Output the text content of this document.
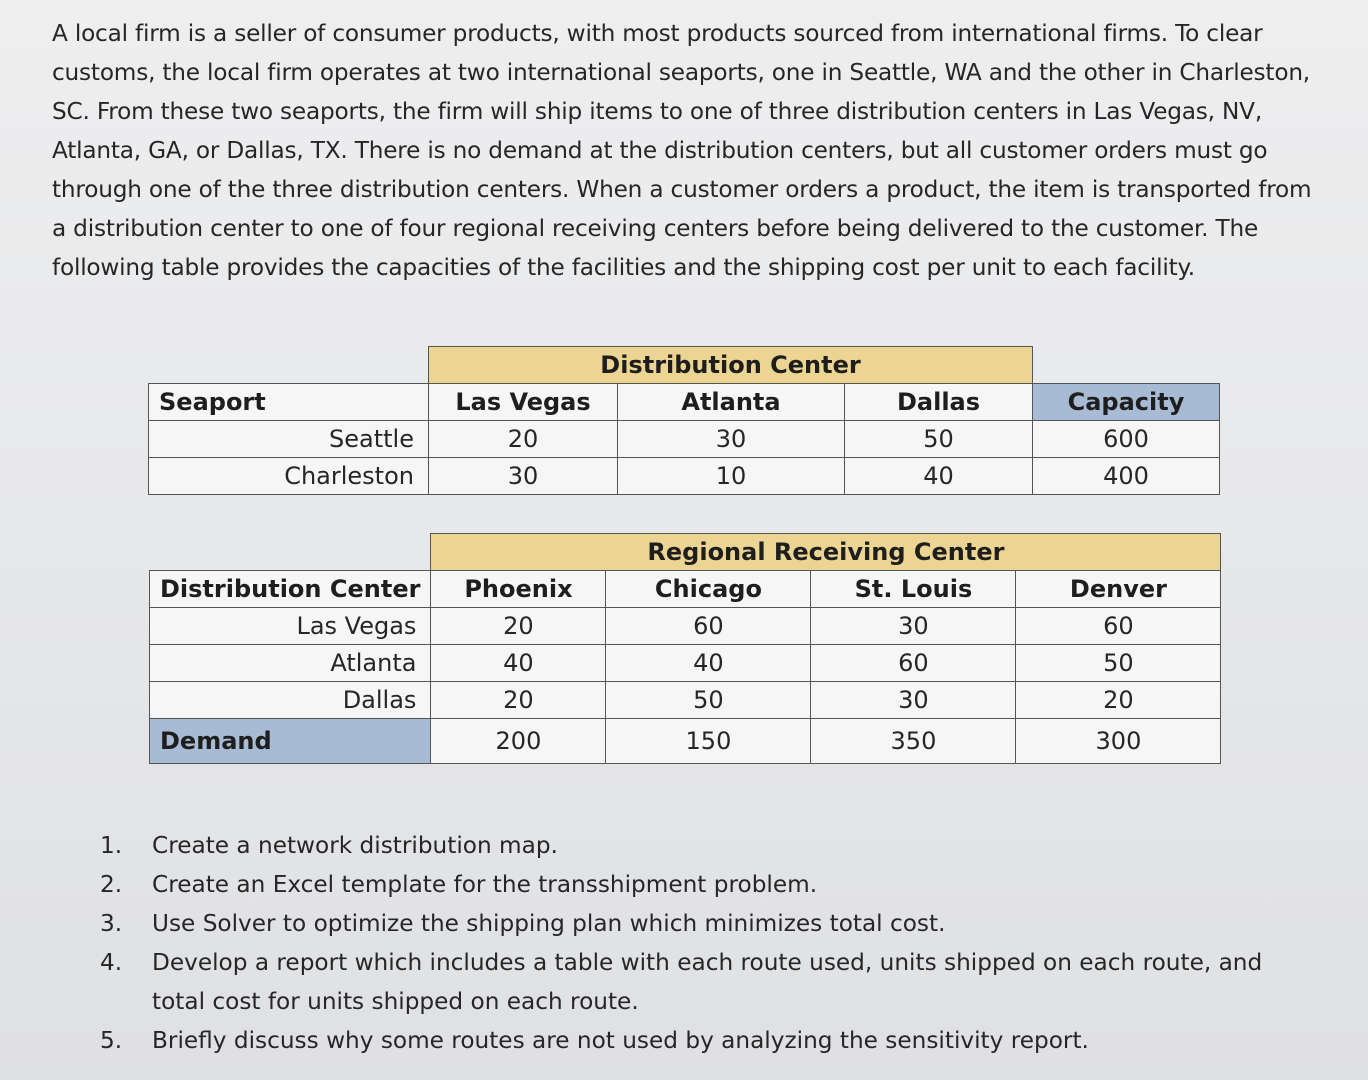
A local firm is a seller of consumer products, with most products sourced from international firms. To clear customs, the local firm operates at two international seaports, one in Seattle, WA and the other in Charleston, SC. From these two seaports, the firm will ship items to one of three distribution centers in Las Vegas, NV, Atlanta, GA, or Dallas, TX. There is no demand at the distribution centers, but all customer orders must go through one of the three distribution centers. When a customer orders a product, the item is transported from a distribution center to one of four regional receiving centers before being delivered to the customer. The following table provides the capacities of the facilities and the shipping cost per unit to each facility.

	Distribution Center			
Seaport	Las Vegas	Atlanta	Dallas	Capacity
Seattle	20	30	50	600
Charleston	30	10	40	400
	Regional Receiving Center			
Distribution Center	Phoenix	Chicago	St. Louis	Denver
Las Vegas	20	60	30	60
Atlanta	40	40	60	50
Dallas	20	50	30	20
Demand	200	150	350	300
1.	Create a network distribution map.
2.	Create an Excel template for the transshipment problem.
3.	Use Solver to optimize the shipping plan which minimizes total cost.
4.	Develop a report which includes a table with each route used, units shipped on each route, and total cost for units shipped on each route.
5.	Briefly discuss why some routes are not used by analyzing the sensitivity report.
